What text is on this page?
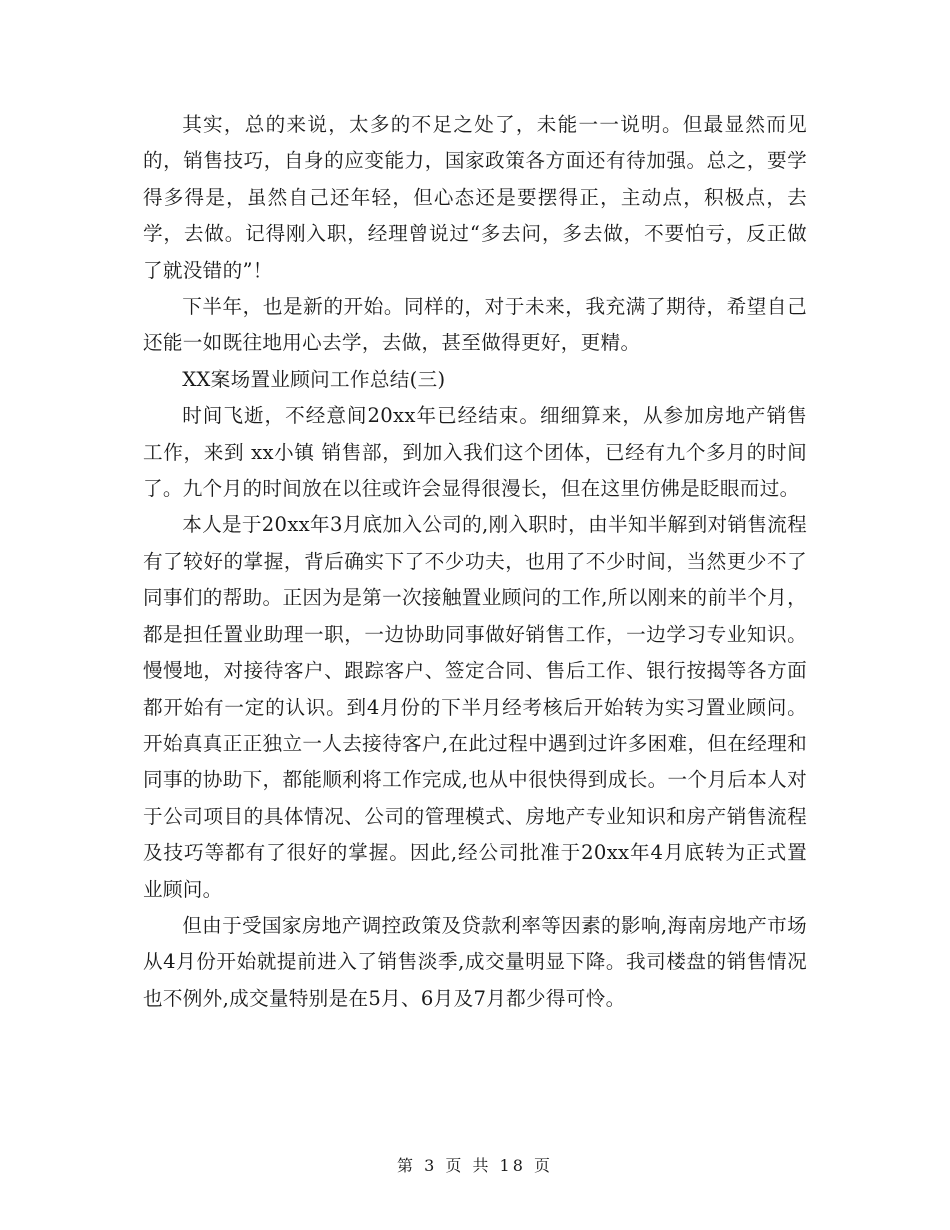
其实，总的来说，太多的不足之处了，未能一一说明。但最显然而见的，销售技巧，自身的应变能力，国家政策各方面还有待加强。总之，要学得多得是，虽然自己还年轻，但心态还是要摆得正，主动点，积极点，去学，去做。记得刚入职，经理曾说过“多去问，多去做，不要怕亏，反正做了就没错的”！

下半年，也是新的开始。同样的，对于未来，我充满了期待，希望自己还能一如既往地用心去学，去做，甚至做得更好，更精。

XX案场置业顾问工作总结(三)

时间飞逝，不经意间20xx年已经结束。细细算来，从参加房地产销售工作，来到 xx小镇 销售部，到加入我们这个团体，已经有九个多月的时间了。九个月的时间放在以往或许会显得很漫长，但在这里仿佛是眨眼而过。

本人是于20xx年3月底加入公司的,刚入职时，由半知半解到对销售流程有了较好的掌握，背后确实下了不少功夫，也用了不少时间，当然更少不了同事们的帮助。正因为是第一次接触置业顾问的工作,所以刚来的前半个月，都是担任置业助理一职，一边协助同事做好销售工作，一边学习专业知识。慢慢地，对接待客户、跟踪客户、签定合同、售后工作、银行按揭等各方面都开始有一定的认识。到4月份的下半月经考核后开始转为实习置业顾问。开始真真正正独立一人去接待客户,在此过程中遇到过许多困难，但在经理和同事的协助下，都能顺利将工作完成,也从中很快得到成长。一个月后本人对于公司项目的具体情况、公司的管理模式、房地产专业知识和房产销售流程及技巧等都有了很好的掌握。因此,经公司批准于20xx年4月底转为正式置业顾问。

但由于受国家房地产调控政策及贷款利率等因素的影响,海南房地产市场从4月份开始就提前进入了销售淡季,成交量明显下降。我司楼盘的销售情况也不例外,成交量特别是在5月、6月及7月都少得可怜。

第 3 页 共 18 页
